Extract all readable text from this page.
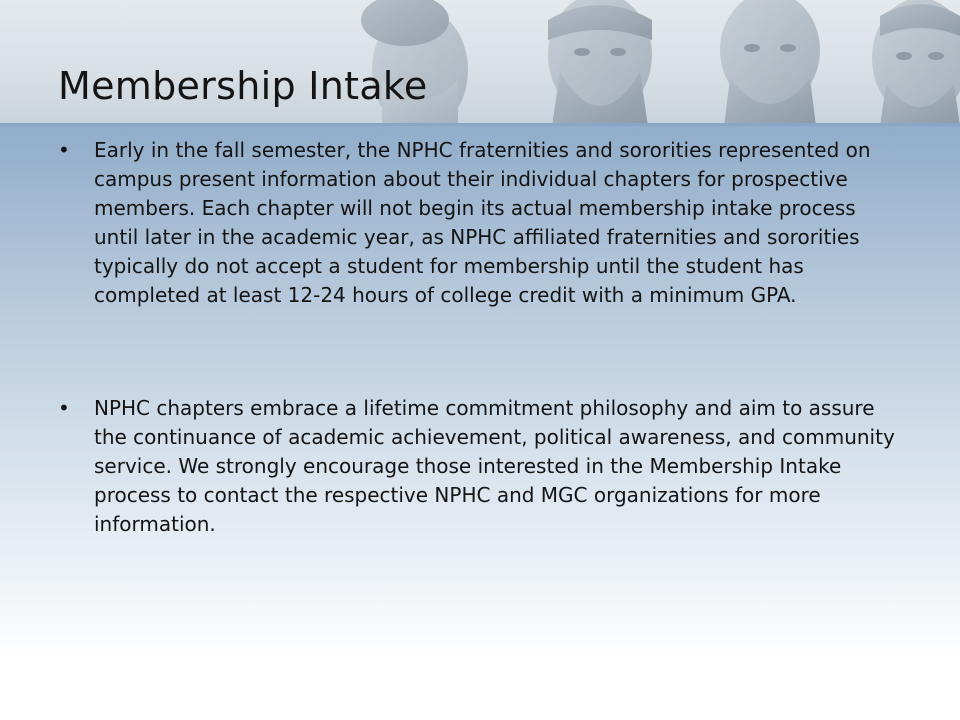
Membership Intake
• Early in the fall semester, the NPHC fraternities and sororities represented on campus present information about their individual chapters for prospective members. Each chapter will not begin its actual membership intake process until later in the academic year, as NPHC affiliated fraternities and sororities typically do not accept a student for membership until the student has completed at least 12-24 hours of college credit with a minimum GPA.
• NPHC chapters embrace a lifetime commitment philosophy and aim to assure the continuance of academic achievement, political awareness, and community service. We strongly encourage those interested in the Membership Intake process to contact the respective NPHC and MGC organizations for more information.
